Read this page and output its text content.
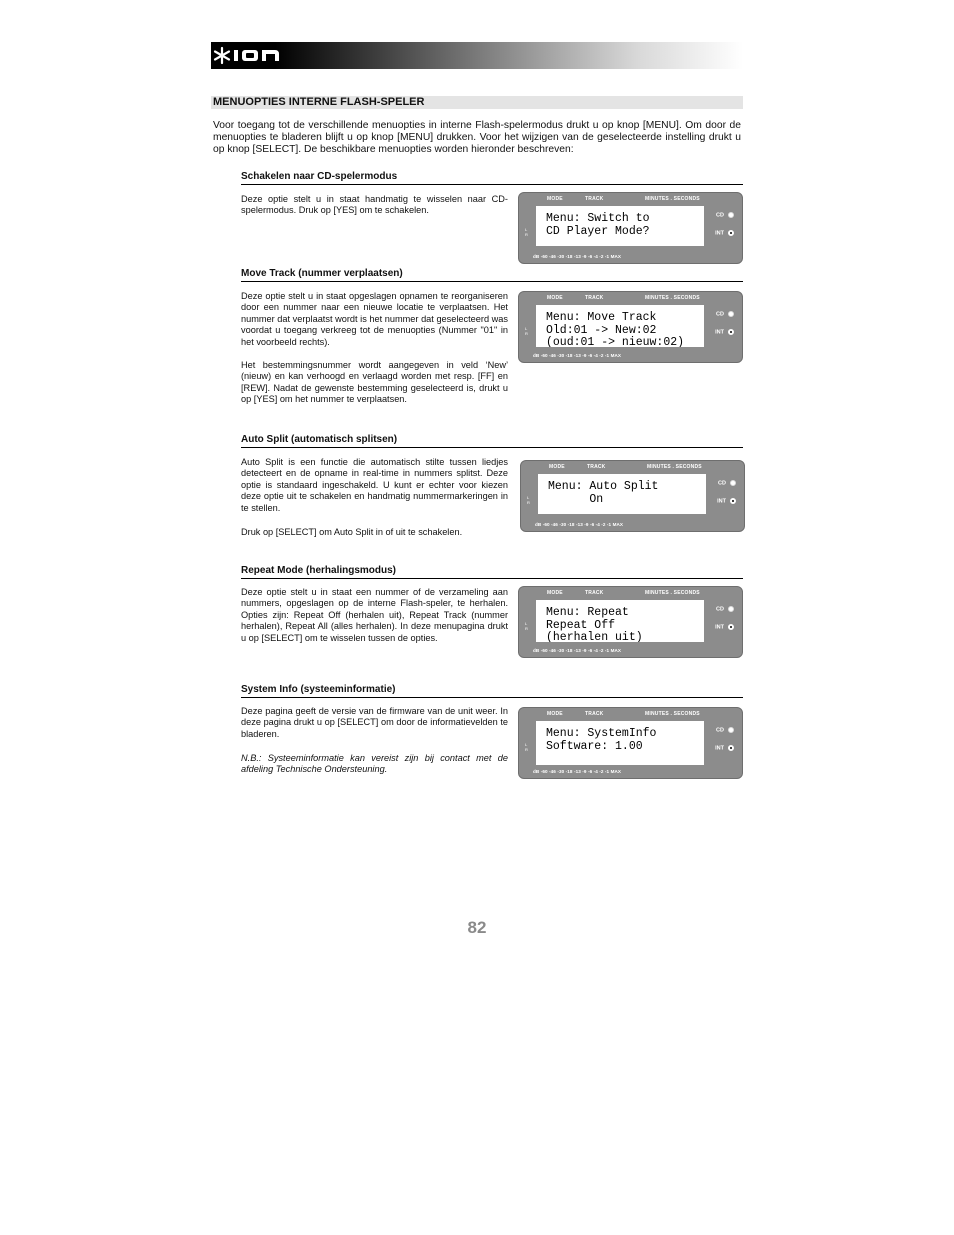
MENUOPTIES INTERNE FLASH-SPELER

Voor toegang tot de verschillende menuopties in interne Flash-spelermodus drukt u op knop [MENU]. Om door de menuopties te bladeren blijft u op knop [MENU] drukken. Voor het wijzigen van de geselecteerde instelling drukt u op knop [SELECT]. De beschikbare menuopties worden hieronder beschreven:

Schakelen naar CD-spelermodus

Deze optie stelt u in staat handmatig te wisselen naar CD-spelermodus. Druk op [YES] om te schakelen.

MODE	TRACK	MINUTES . SECONDS
L R
Menu: Switch to
CD Player Mode?
CD
INT
dB -60 -46 -30 -18 -13 -9 -6 -4 -2 -1 MAX
Move Track (nummer verplaatsen)

Deze optie stelt u in staat opgeslagen opnamen te reorganiseren door een nummer naar een nieuwe locatie te verplaatsen. Het nummer dat verplaatst wordt is het nummer dat geselecteerd was voordat u toegang verkreeg tot de menuopties (Nummer "01" in het voorbeeld rechts).

Het bestemmingsnummer wordt aangegeven in veld ‘New’ (nieuw) en kan verhoogd en verlaagd worden met resp. [FF] en [REW]. Nadat de gewenste bestemming geselecteerd is, drukt u op [YES] om het nummer te verplaatsen.

MODE	TRACK	MINUTES . SECONDS
L R
Menu: Move Track
Old:01 -> New:02
(oud:01 -> nieuw:02)
CD
INT
dB -60 -46 -30 -18 -13 -9 -6 -4 -2 -1 MAX
Auto Split (automatisch splitsen)

Auto Split is een functie die automatisch stilte tussen liedjes detecteert en de opname in real-time in nummers splitst. Deze optie is standaard ingeschakeld. U kunt er echter voor kiezen deze optie uit te schakelen en handmatig nummermarkeringen in te stellen.

Druk op [SELECT] om Auto Split in of uit te schakelen.

MODE	TRACK	MINUTES . SECONDS
L R
Menu: Auto Split
On
CD
INT
dB -60 -46 -30 -18 -13 -9 -6 -4 -2 -1 MAX
Repeat Mode (herhalingsmodus)

Deze optie stelt u in staat een nummer of de verzameling aan nummers, opgeslagen op de interne Flash-speler, te herhalen. Opties zijn: Repeat Off (herhalen uit), Repeat Track (nummer herhalen), Repeat All (alles herhalen). In deze menupagina drukt u op [SELECT] om te wisselen tussen de opties.

MODE	TRACK	MINUTES . SECONDS
L R
Menu: Repeat
Repeat Off
(herhalen uit)
CD
INT
dB -60 -46 -30 -18 -13 -9 -6 -4 -2 -1 MAX
System Info (systeeminformatie)

Deze pagina geeft de versie van de firmware van de unit weer. In deze pagina drukt u op [SELECT] om door de informatievelden te bladeren.

N.B.: Systeeminformatie kan vereist zijn bij contact met de afdeling Technische Ondersteuning.

MODE	TRACK	MINUTES . SECONDS
L R
Menu: SystemInfo
Software: 1.00
CD
INT
dB -60 -46 -30 -18 -13 -9 -6 -4 -2 -1 MAX
82
